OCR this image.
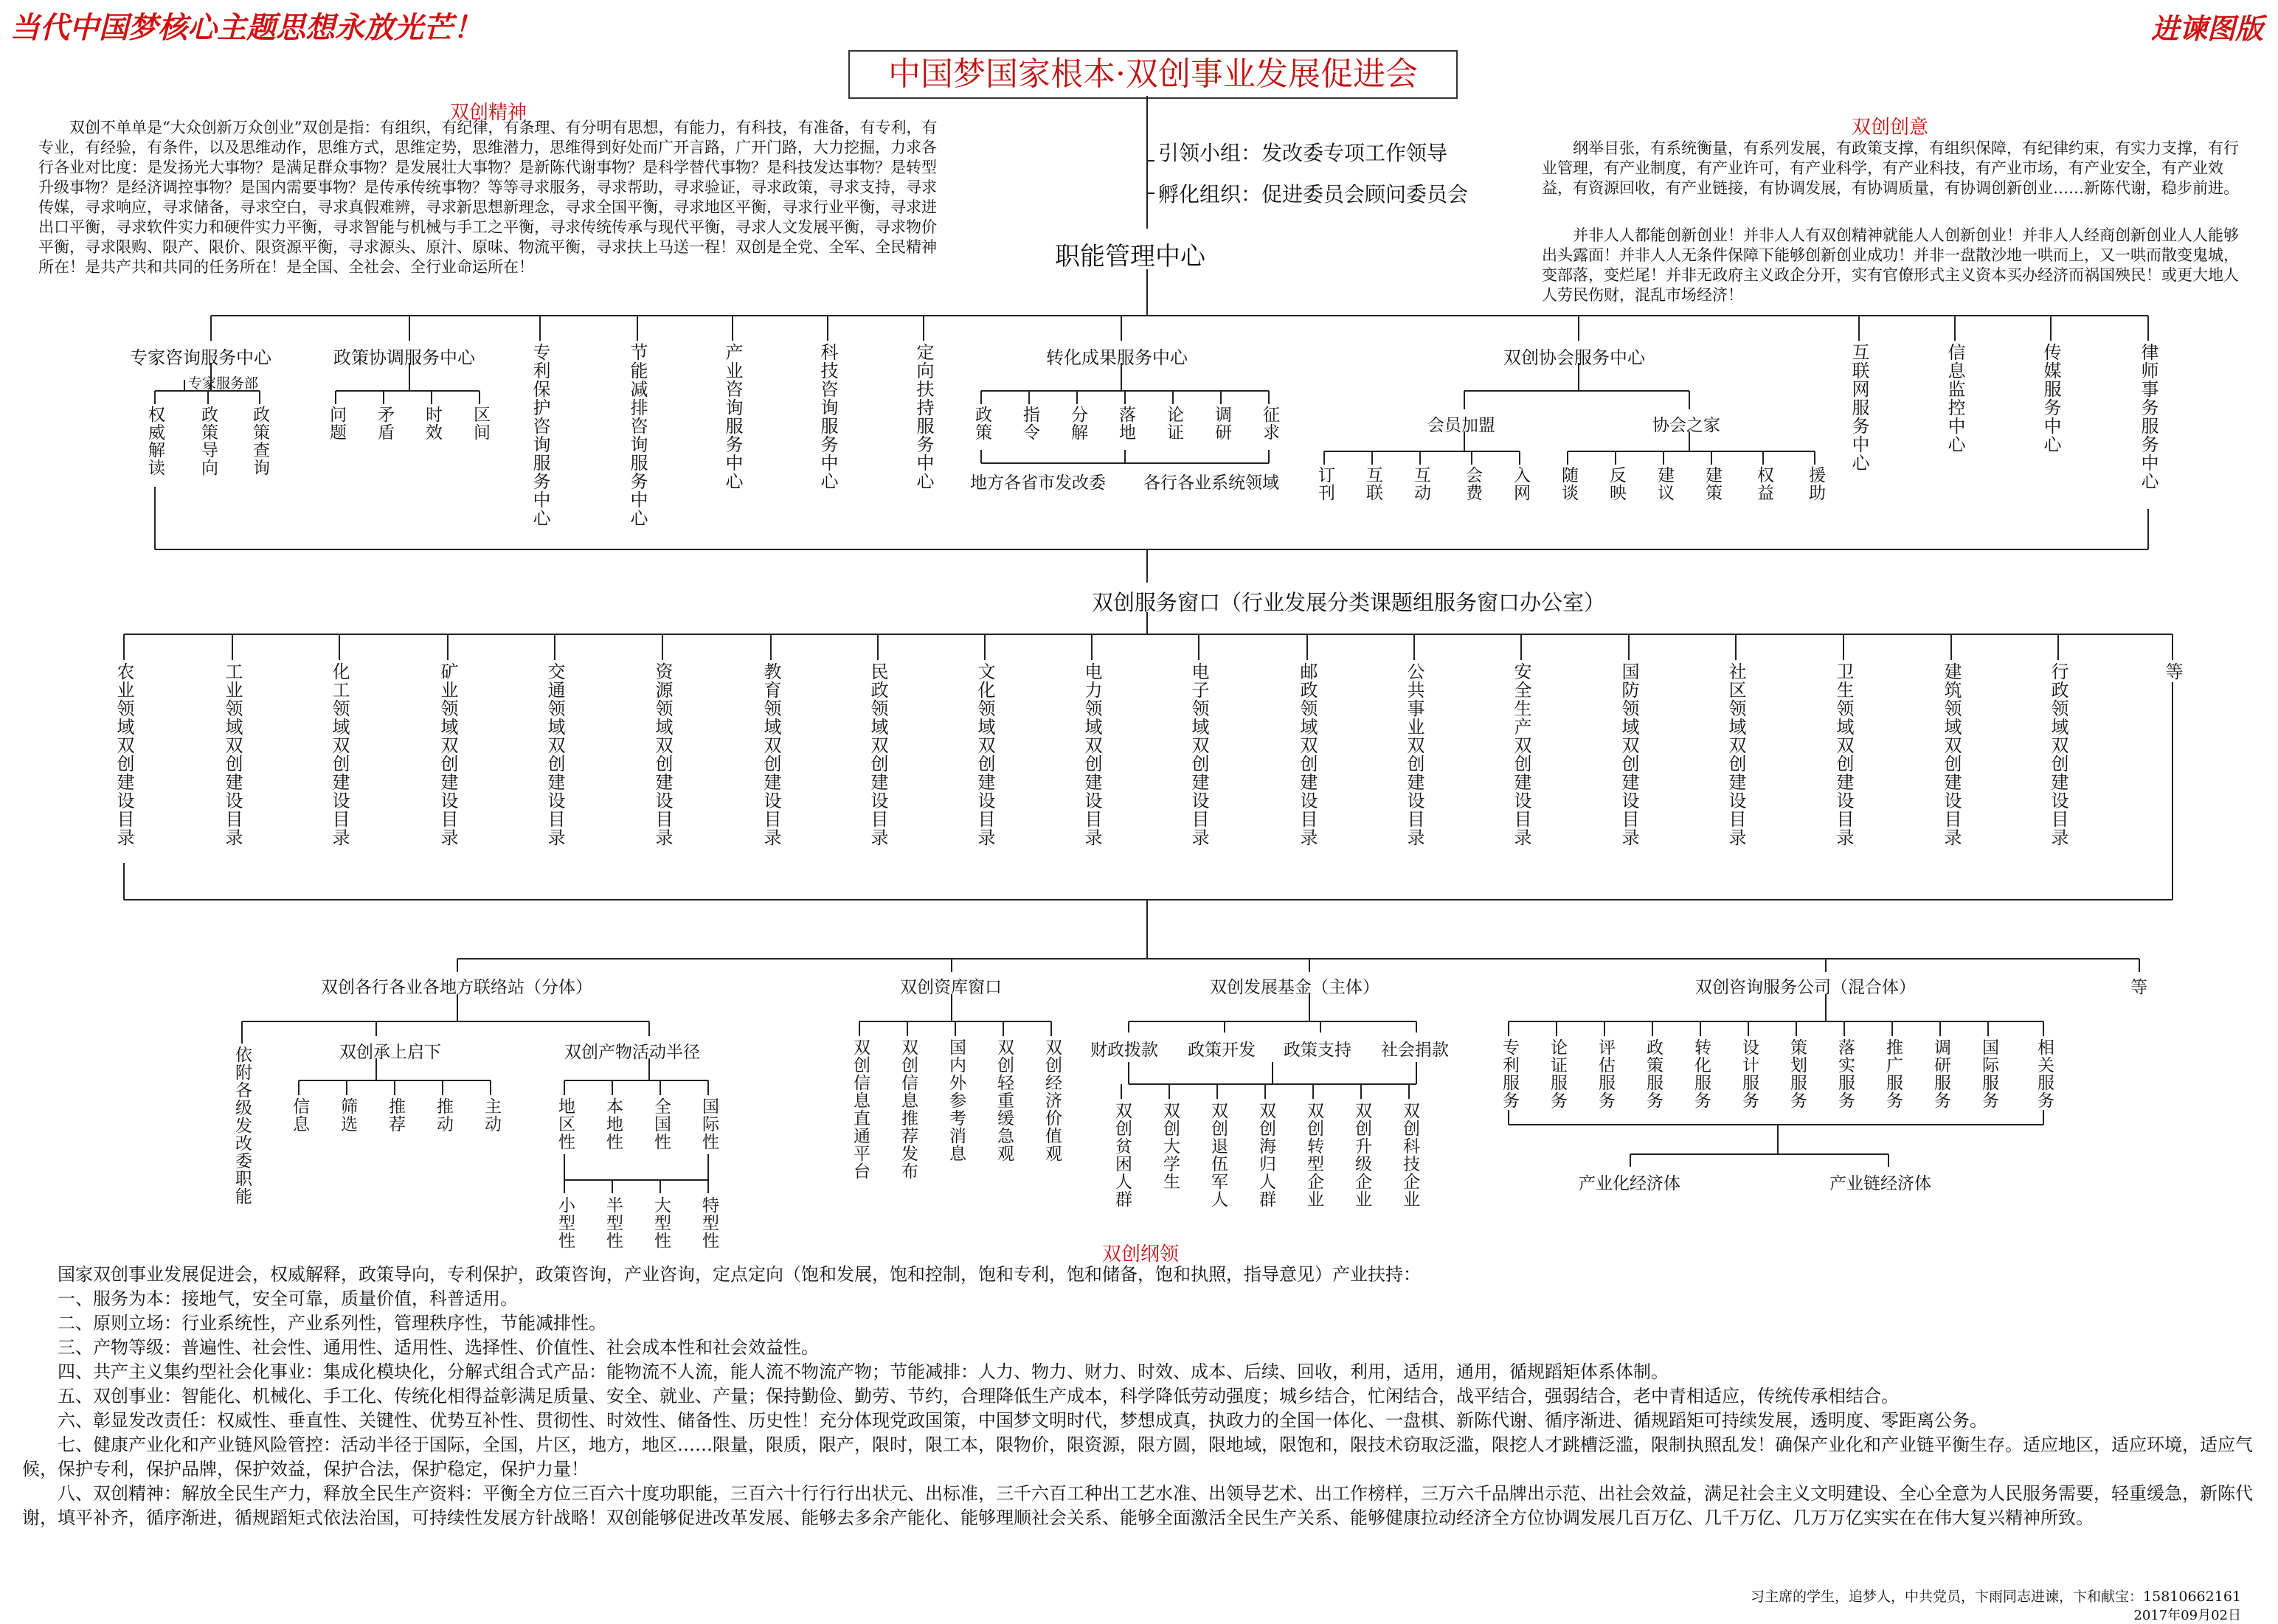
当代中国梦核心主题思想永放光芒！	进谏图版
中国梦国家根本·双创事业发展促进会
双创精神
双创不单单是“大众创新万众创业”双创是指：有组织，有纪律，有条理、有分明有思想，有能力，有科技，有准备，有专利，有专业，有经验，有条件，以及思维动作，思维方式，思维定势，思维潜力，思维得到好处而广开言路，广开门路，大力挖掘，力求各行各业对比度：是发扬光大事物？是满足群众事物？是发展壮大事物？是新陈代谢事物？是科学替代事物？是科技发达事物？是转型升级事物？是经济调控事物？是国内需要事物？是传承传统事物？等等寻求服务，寻求帮助，寻求验证，寻求政策，寻求支持，寻求传媒，寻求响应，寻求储备，寻求空白，寻求真假难辨，寻求新思想新理念，寻求全国平衡，寻求地区平衡，寻求行业平衡，寻求进出口平衡，寻求软件实力和硬件实力平衡，寻求智能与机械与手工之平衡，寻求传统传承与现代平衡，寻求人文发展平衡，寻求物价平衡，寻求限购、限产、限价、限资源平衡，寻求源头、原汁、原味、物流平衡，寻求扶上马送一程！双创是全党、全军、全民精神所在！是共产共和共同的任务所在！是全国、全社会、全行业命运所在！
双创创意
纲举目张，有系统衡量，有系列发展，有政策支撑，有组织保障，有纪律约束，有实力支撑，有行业管理，有产业制度，有产业许可，有产业科学，有产业科技，有产业市场，有产业安全，有产业效益，有资源回收，有产业链接，有协调发展，有协调质量，有协调创新创业……新陈代谢，稳步前进。
并非人人都能创新创业！并非人人有双创精神就能人人创新创业！并非人人经商创新创业人人能够出头露面！并非人人无条件保障下能够创新创业成功！并非一盘散沙地一哄而上，又一哄而散变鬼城，变部落，变烂尾！并非无政府主义政企分开，实有官僚形式主义资本买办经济而祸国殃民！或更大地人人劳民伤财，混乱市场经济！
引领小组：发改委专项工作领导
孵化组织：促进委员会顾问委员会
职能管理中心
专家咨询服务中心
专家服务部
权威解读 政策导向 政策查询
政策协调服务中心
问题 矛盾 时效 区间 专利保护咨询服务中心	节能减排咨询服务中心	产业咨询服务中心	科技咨询服务中心	定向扶持服务中心	转化成果服务中心
政策 指令 分解 落地 论证 调研 征求
地方各省市发改委 各行各业系统领域
双创协会服务中心
会员加盟	协会之家
订刊 互联 互动 会费 入网 随谈 反映 建议 建策 权益 援助
互联网服务中心	信息监控中心	传媒服务中心	律师事务服务中心
双创服务窗口（行业发展分类课题组服务窗口办公室）
农业领域双创建设目录	工业领域双创建设目录	化工领域双创建设目录	矿业领域双创建设目录	交通领域双创建设目录	资源领域双创建设目录	教育领域双创建设目录	民政领域双创建设目录	文化领域双创建设目录	电力领域双创建设目录	电子领域双创建设目录	邮政领域双创建设目录	公共事业双创建设目录	安全生产双创建设目录	国防领域双创建设目录	社区领域双创建设目录	卫生领域双创建设目录	建筑领域双创建设目录	行政领域双创建设目录	等
双创各行各业各地方联络站（分体）
依附各级发改委职能	双创承上启下
信息 筛选 推荐 推动 主动
双创产物活动半径
地区性 本地性 全国性 国际性
小型性 半型性 大型性 特型性
双创资库窗口
双创信息直通平台 双创信息推荐发布 国内外参考消息 双创轻重缓急观 双创经济价值观
双创发展基金（主体）
财政拨款 政策开发 政策支持 社会捐款
双创贫困人群 双创大学生 双创退伍军人 双创海归人群 双创转型企业 双创升级企业 双创科技企业
双创咨询服务公司（混合体）
专利服务 论证服务 评估服务 政策服务 转化服务 设计服务 策划服务 落实服务 推广服务 调研服务 国际服务 相关服务
产业化经济体	产业链经济体
等
双创纲领

国家双创事业发展促进会，权威解释，政策导向，专利保护，政策咨询，产业咨询，定点定向（饱和发展，饱和控制，饱和专利，饱和储备，饱和执照，指导意见）产业扶持：

一、服务为本：接地气，安全可靠，质量价值，科普适用。

二、原则立场：行业系统性，产业系列性，管理秩序性，节能减排性。

三、产物等级：普遍性、社会性、通用性、适用性、选择性、价值性、社会成本性和社会效益性。

四、共产主义集约型社会化事业：集成化模块化，分解式组合式产品：能物流不人流，能人流不物流产物；节能减排：人力、物力、财力、时效、成本、后续、回收，利用，适用，通用，循规蹈矩体系体制。

五、双创事业：智能化、机械化、手工化、传统化相得益彰满足质量、安全、就业、产量；保持勤俭、勤劳、节约，合理降低生产成本，科学降低劳动强度；城乡结合，忙闲结合，战平结合，强弱结合，老中青相适应，传统传承相结合。

六、彰显发改责任：权威性、垂直性、关键性、优势互补性、贯彻性、时效性、储备性、历史性！充分体现党政国策，中国梦文明时代，梦想成真，执政力的全国一体化、一盘棋、新陈代谢、循序渐进、循规蹈矩可持续发展，透明度、零距离公务。

七、健康产业化和产业链风险管控：活动半径于国际，全国，片区，地方，地区……限量，限质，限产，限时，限工本，限物价，限资源，限方圆，限地域，限饱和，限技术窃取泛滥，限挖人才跳槽泛滥，限制执照乱发！确保产业化和产业链平衡生存。适应地区，适应环境，适应气候，保护专利，保护品牌，保护效益，保护合法，保护稳定，保护力量！

八、双创精神：解放全民生产力，释放全民生产资料：平衡全方位三百六十度功职能，三百六十行行行出状元、出标准，三千六百工种出工艺水准、出领导艺术、出工作榜样，三万六千品牌出示范、出社会效益，满足社会主义文明建设、全心全意为人民服务需要，轻重缓急，新陈代谢，填平补齐，循序渐进，循规蹈矩式依法治国，可持续性发展方针战略！双创能够促进改革发展、能够去多余产能化、能够理顺社会关系、能够全面激活全民生产关系、能够健康拉动经济全方位协调发展几百万亿、几千万亿、几万万亿实实在在伟大复兴精神所致。

习主席的学生，追梦人，中共党员，卞雨同志进谏，卞和献宝：15810662161
2017年09月02日
